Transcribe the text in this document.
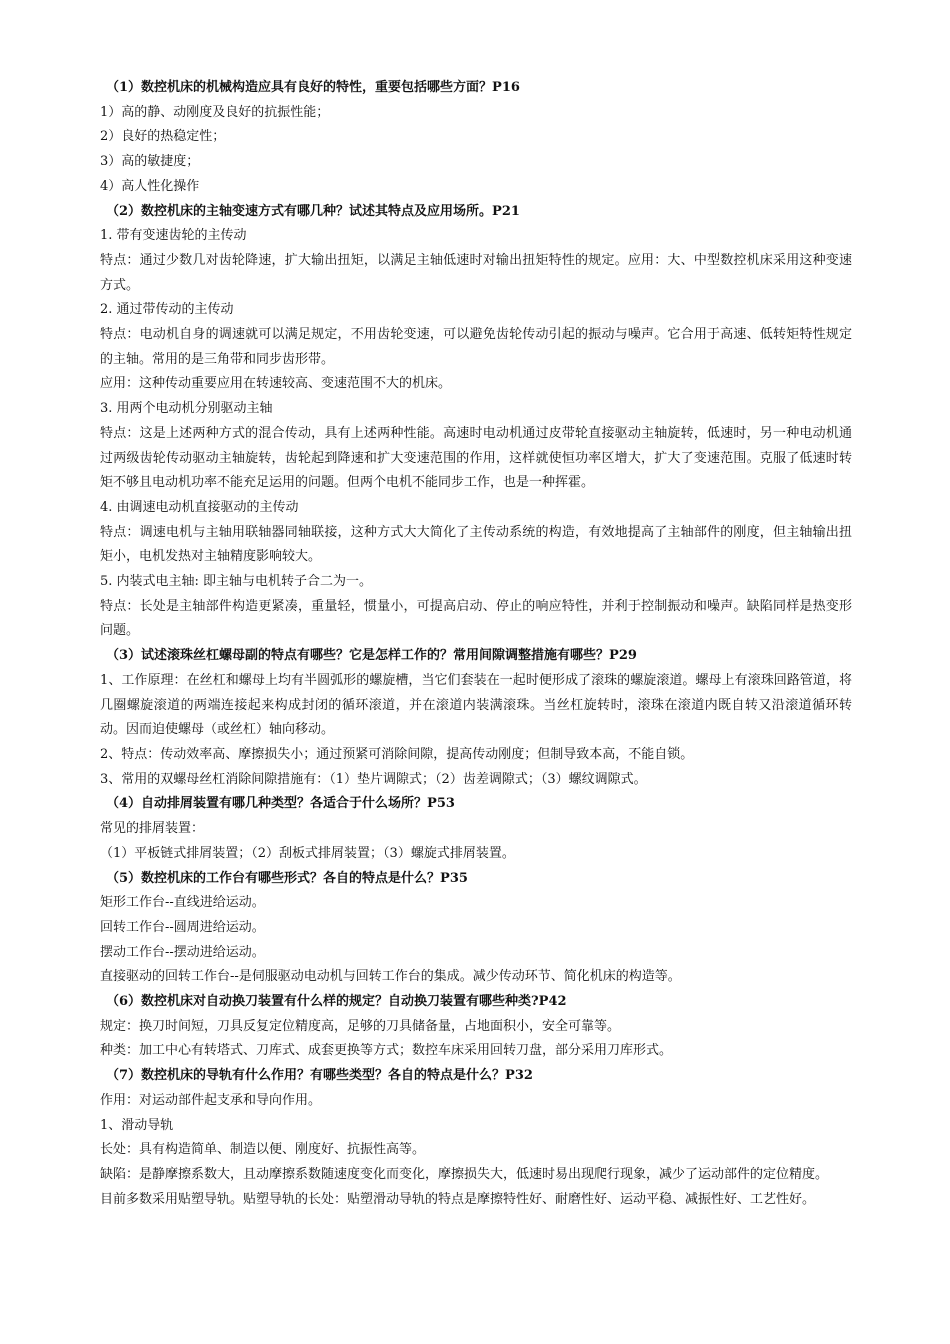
（1）数控机床的机械构造应具有良好的特性，重要包括哪些方面？P16

1）高的静、动刚度及良好的抗振性能；

2）良好的热稳定性；

3）高的敏捷度；

4）高人性化操作

（2）数控机床的主轴变速方式有哪几种？试述其特点及应用场所。P21

1. 带有变速齿轮的主传动

特点：通过少数几对齿轮降速，扩大输出扭矩，以满足主轴低速时对输出扭矩特性的规定。应用：大、中型数控机床采用这种变速方式。

2. 通过带传动的主传动

特点：电动机自身的调速就可以满足规定，不用齿轮变速，可以避免齿轮传动引起的振动与噪声。它合用于高速、低转矩特性规定的主轴。常用的是三角带和同步齿形带。

应用：这种传动重要应用在转速较高、变速范围不大的机床。

3. 用两个电动机分别驱动主轴

特点：这是上述两种方式的混合传动，具有上述两种性能。高速时电动机通过皮带轮直接驱动主轴旋转，低速时，另一种电动机通过两级齿轮传动驱动主轴旋转，齿轮起到降速和扩大变速范围的作用，这样就使恒功率区增大，扩大了变速范围。克服了低速时转矩不够且电动机功率不能充足运用的问题。但两个电机不能同步工作，也是一种挥霍。

4. 由调速电动机直接驱动的主传动

特点：调速电机与主轴用联轴器同轴联接，这种方式大大简化了主传动系统的构造，有效地提高了主轴部件的刚度，但主轴输出扭矩小，电机发热对主轴精度影响较大。

5. 内装式电主轴: 即主轴与电机转子合二为一。

特点：长处是主轴部件构造更紧凑，重量轻，惯量小，可提高启动、停止的响应特性，并利于控制振动和噪声。缺陷同样是热变形问题。

（3）试述滚珠丝杠螺母副的特点有哪些？它是怎样工作的？常用间隙调整措施有哪些？P29

1、工作原理：在丝杠和螺母上均有半圆弧形的螺旋槽，当它们套装在一起时便形成了滚珠的螺旋滚道。螺母上有滚珠回路管道，将几圈螺旋滚道的两端连接起来构成封闭的循环滚道，并在滚道内装满滚珠。当丝杠旋转时，滚珠在滚道内既自转又沿滚道循环转动。因而迫使螺母（或丝杠）轴向移动。

2、特点：传动效率高、摩擦损失小；通过预紧可消除间隙，提高传动刚度；但制导致本高，不能自锁。

3、常用的双螺母丝杠消除间隙措施有：（1）垫片调隙式；（2）齿差调隙式；（3）螺纹调隙式。

（4）自动排屑装置有哪几种类型？各适合于什么场所？P53

常见的排屑装置：

（1）平板链式排屑装置；（2）刮板式排屑装置；（3）螺旋式排屑装置。

（5）数控机床的工作台有哪些形式？各自的特点是什么？P35

矩形工作台--直线进给运动。

回转工作台--圆周进给运动。

摆动工作台--摆动进给运动。

直接驱动的回转工作台--是伺服驱动电动机与回转工作台的集成。减少传动环节、简化机床的构造等。

（6）数控机床对自动换刀装置有什么样的规定？自动换刀装置有哪些种类?P42

规定：换刀时间短，刀具反复定位精度高，足够的刀具储备量，占地面积小，安全可靠等。

种类：加工中心有转塔式、刀库式、成套更换等方式；数控车床采用回转刀盘，部分采用刀库形式。

（7）数控机床的导轨有什么作用？有哪些类型？各自的特点是什么？P32

作用：对运动部件起支承和导向作用。

1、滑动导轨

长处：具有构造简单、制造以便、刚度好、抗振性高等。

缺陷：是静摩擦系数大，且动摩擦系数随速度变化而变化，摩擦损失大，低速时易出现爬行现象，减少了运动部件的定位精度。

目前多数采用贴塑导轨。贴塑导轨的长处：贴塑滑动导轨的特点是摩擦特性好、耐磨性好、运动平稳、减振性好、工艺性好。
